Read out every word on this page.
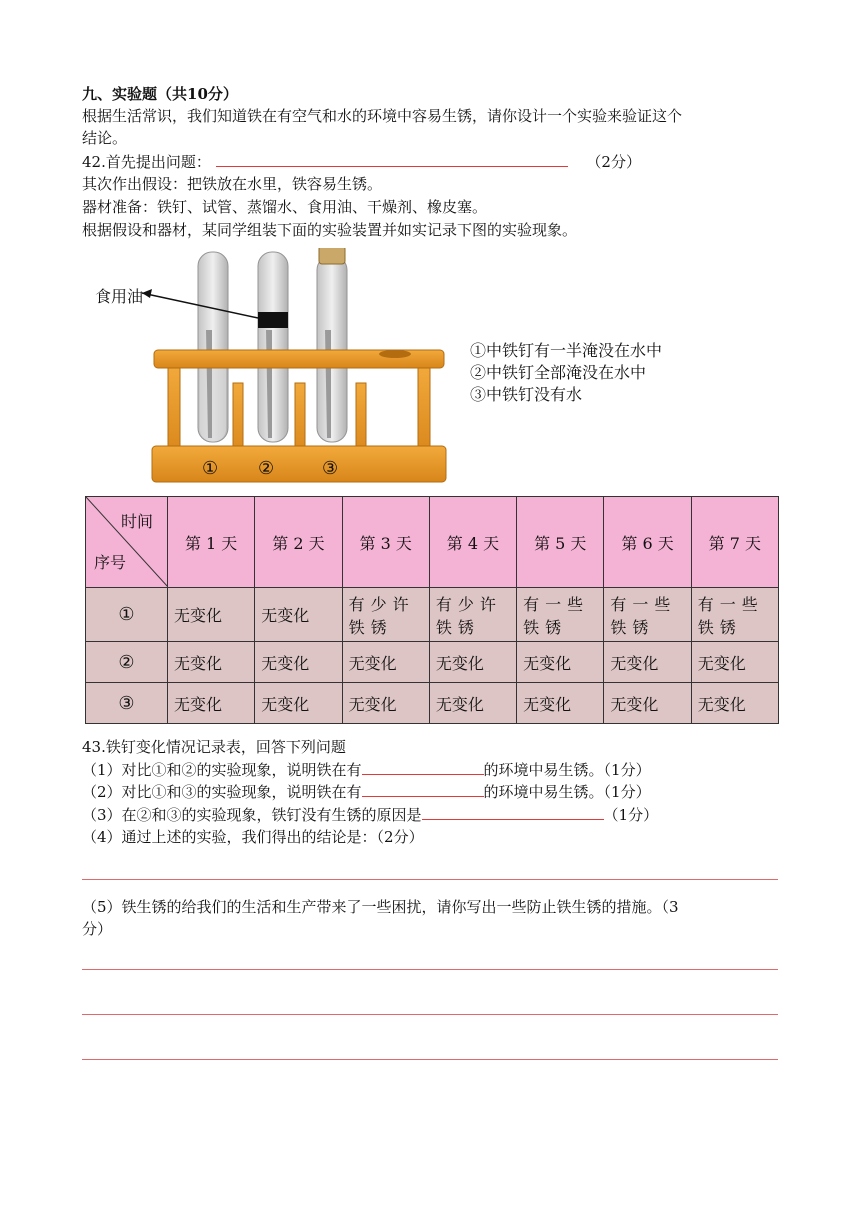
九、实验题（共10分）
根据生活常识，我们知道铁在有空气和水的环境中容易生锈，请你设计一个实验来验证这个
结论。
42.首先提出问题：	（2分）
其次作出假设：把铁放在水里，铁容易生锈。
器材准备：铁钉、试管、蒸馏水、食用油、干燥剂、橡皮塞。
根据假设和器材，某同学组装下面的实验装置并如实记录下图的实验现象。
食用油
① ②	③
①中铁钉有一半淹没在水中
②中铁钉全部淹没在水中
③中铁钉没有水
时间
序号	第 1 天	第 2 天	第 3 天	第 4 天	第 5 天	第 6 天	第 7 天
①	无变化	无变化	有少许铁锈	有少许铁锈	有一些铁锈	有一些铁锈	有一些铁锈
②	无变化	无变化	无变化	无变化	无变化	无变化	无变化
③	无变化	无变化	无变化	无变化	无变化	无变化	无变化
43.铁钉变化情况记录表，回答下列问题
（1）对比①和②的实验现象，说明铁在有	的环境中易生锈。（1分）
（2）对比①和③的实验现象，说明铁在有	的环境中易生锈。（1分）
（3）在②和③的实验现象，铁钉没有生锈的原因是	（1分）
（4）通过上述的实验，我们得出的结论是：（2分）
（5）铁生锈的给我们的生活和生产带来了一些困扰，请你写出一些防止铁生锈的措施。（3
分）
